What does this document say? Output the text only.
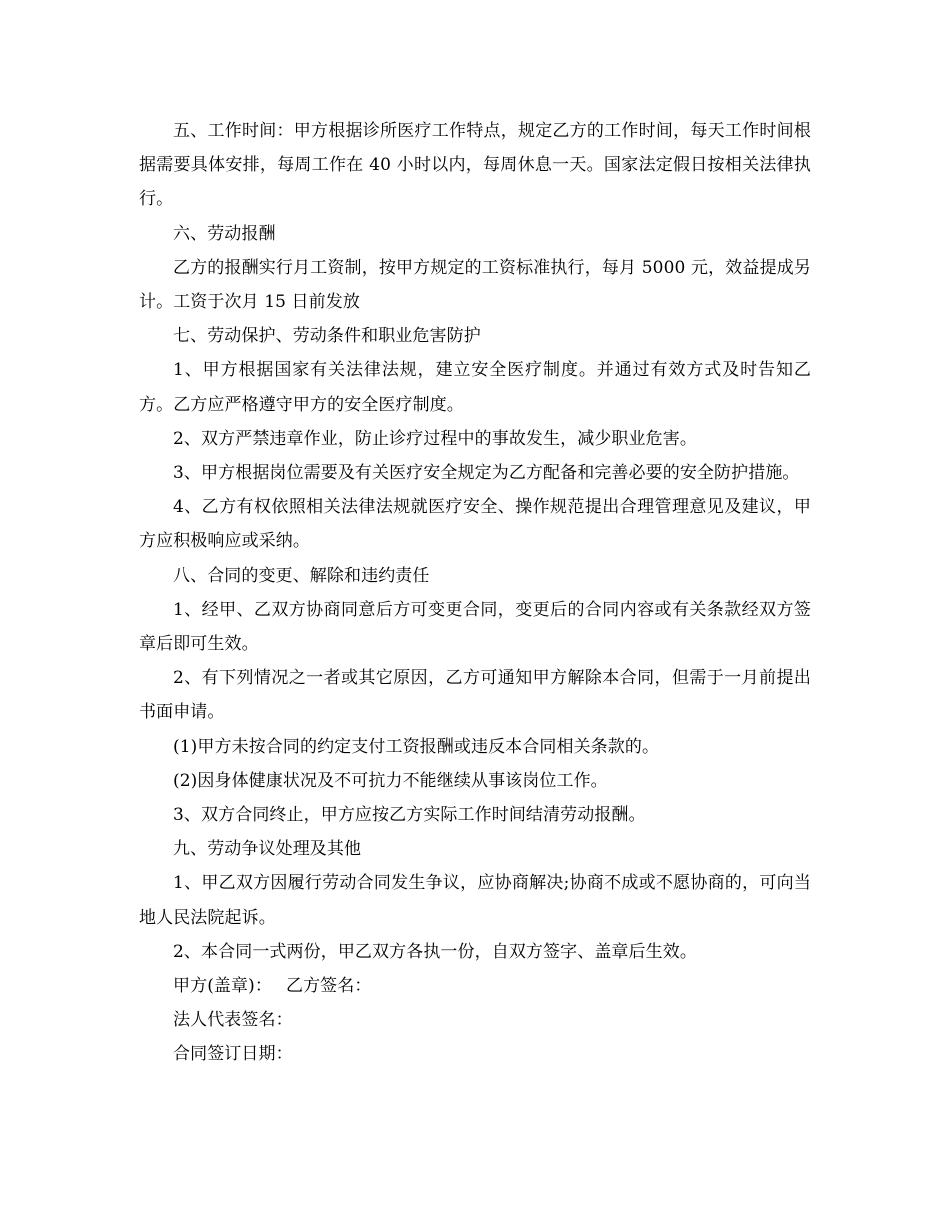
五、工作时间：甲方根据诊所医疗工作特点，规定乙方的工作时间，每天工作时间根据需要具体安排，每周工作在 40 小时以内，每周休息一天。国家法定假日按相关法律执行。

六、劳动报酬

乙方的报酬实行月工资制，按甲方规定的工资标准执行，每月 5000 元，效益提成另计。工资于次月 15 日前发放

七、劳动保护、劳动条件和职业危害防护

1、甲方根据国家有关法律法规，建立安全医疗制度。并通过有效方式及时告知乙方。乙方应严格遵守甲方的安全医疗制度。

2、双方严禁违章作业，防止诊疗过程中的事故发生，减少职业危害。

3、甲方根据岗位需要及有关医疗安全规定为乙方配备和完善必要的安全防护措施。

4、乙方有权依照相关法律法规就医疗安全、操作规范提出合理管理意见及建议，甲方应积极响应或采纳。

八、合同的变更、解除和违约责任

1、经甲、乙双方协商同意后方可变更合同，变更后的合同内容或有关条款经双方签章后即可生效。

2、有下列情况之一者或其它原因，乙方可通知甲方解除本合同，但需于一月前提出书面申请。

(1)甲方未按合同的约定支付工资报酬或违反本合同相关条款的。

(2)因身体健康状况及不可抗力不能继续从事该岗位工作。

3、双方合同终止，甲方应按乙方实际工作时间结清劳动报酬。

九、劳动争议处理及其他

1、甲乙双方因履行劳动合同发生争议，应协商解决;协商不成或不愿协商的，可向当地人民法院起诉。

2、本合同一式两份，甲乙双方各执一份，自双方签字、盖章后生效。

甲方(盖章)： 乙方签名：

法人代表签名：

合同签订日期：
